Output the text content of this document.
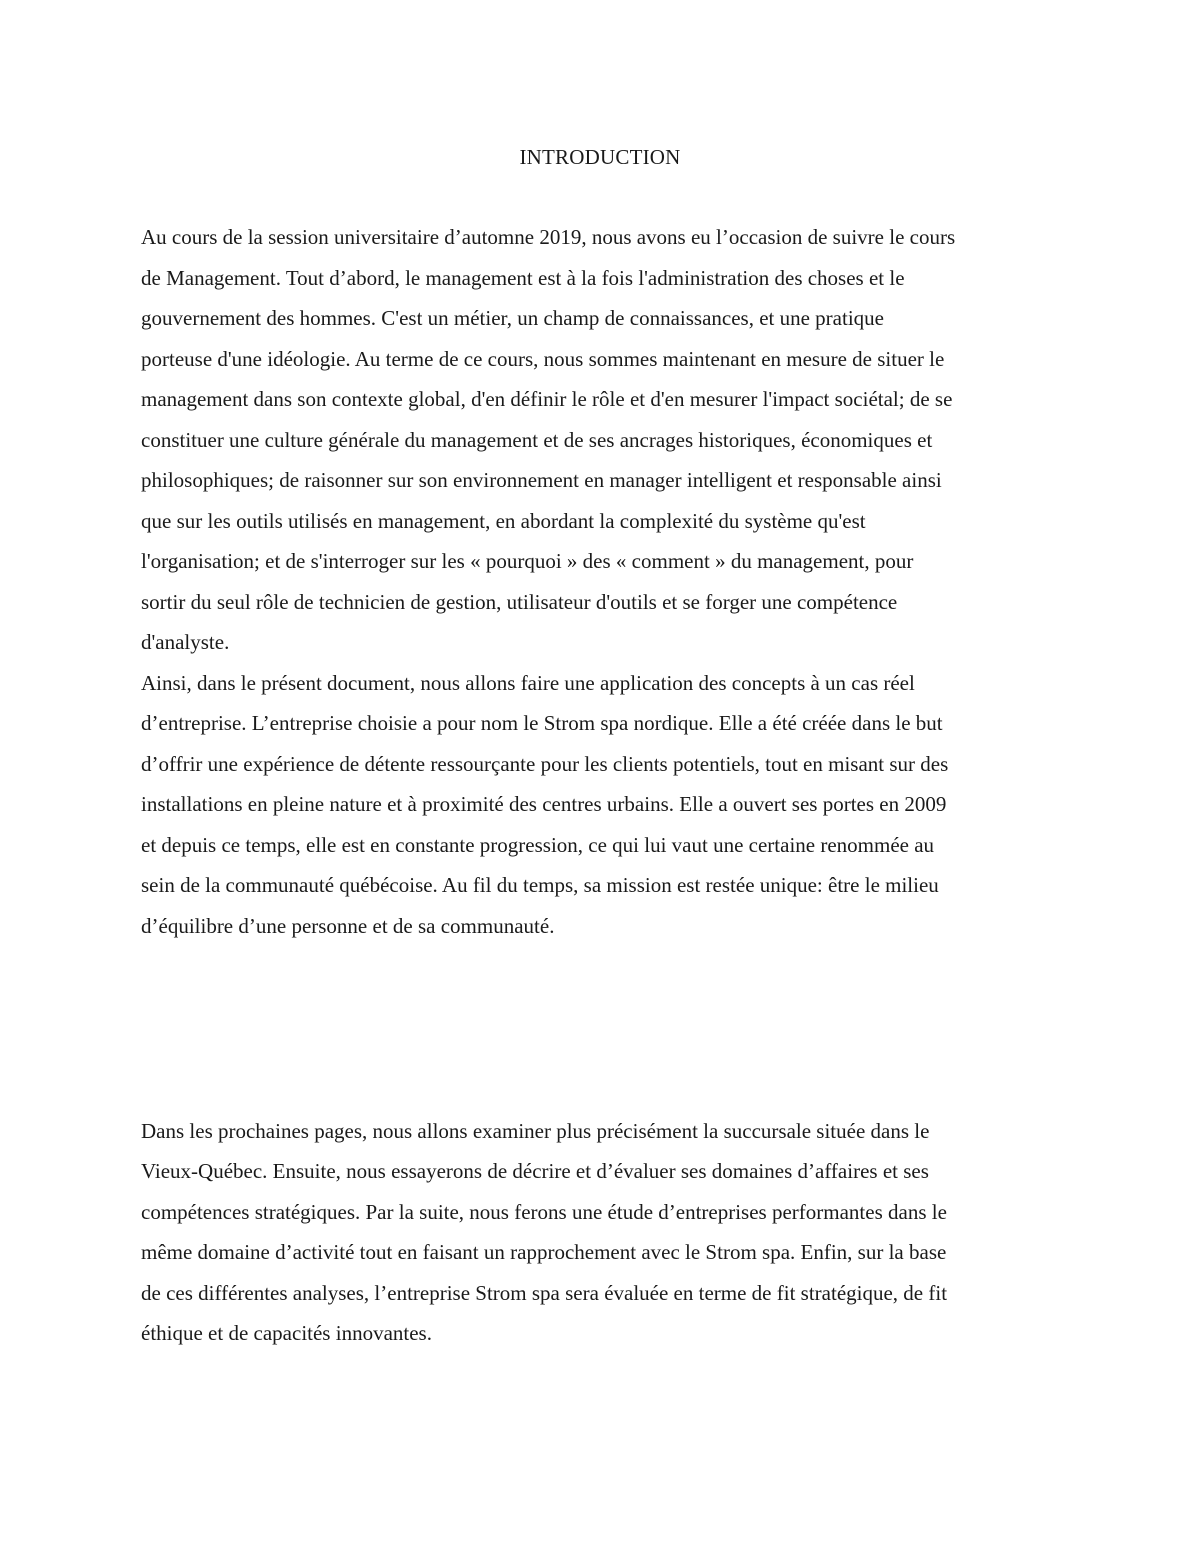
INTRODUCTION
Au cours de la session universitaire d’automne 2019, nous avons eu l’occasion de suivre le cours
de Management. Tout d’abord, le management est à la fois l'administration des choses et le
gouvernement des hommes. C'est un métier, un champ de connaissances, et une pratique
porteuse d'une idéologie. Au terme de ce cours, nous sommes maintenant en mesure de situer le
management dans son contexte global, d'en définir le rôle et d'en mesurer l'impact sociétal; de se
constituer une culture générale du management et de ses ancrages historiques, économiques et
philosophiques; de raisonner sur son environnement en manager intelligent et responsable ainsi
que sur les outils utilisés en management, en abordant la complexité du système qu'est
l'organisation; et de s'interroger sur les « pourquoi » des « comment » du management, pour
sortir du seul rôle de technicien de gestion, utilisateur d'outils et se forger une compétence
d'analyste.
Ainsi, dans le présent document, nous allons faire une application des concepts à un cas réel
d’entreprise. L’entreprise choisie a pour nom le Strom spa nordique. Elle a été créée dans le but
d’offrir une expérience de détente ressourçante pour les clients potentiels, tout en misant sur des
installations en pleine nature et à proximité des centres urbains. Elle a ouvert ses portes en 2009
et depuis ce temps, elle est en constante progression, ce qui lui vaut une certaine renommée au
sein de la communauté québécoise. Au fil du temps, sa mission est restée unique: être le milieu
d’équilibre d’une personne et de sa communauté.
Dans les prochaines pages, nous allons examiner plus précisément la succursale située dans le
Vieux-Québec. Ensuite, nous essayerons de décrire et d’évaluer ses domaines d’affaires et ses
compétences stratégiques. Par la suite, nous ferons une étude d’entreprises performantes dans le
même domaine d’activité tout en faisant un rapprochement avec le Strom spa. Enfin, sur la base
de ces différentes analyses, l’entreprise Strom spa sera évaluée en terme de fit stratégique, de fit
éthique et de capacités innovantes.
